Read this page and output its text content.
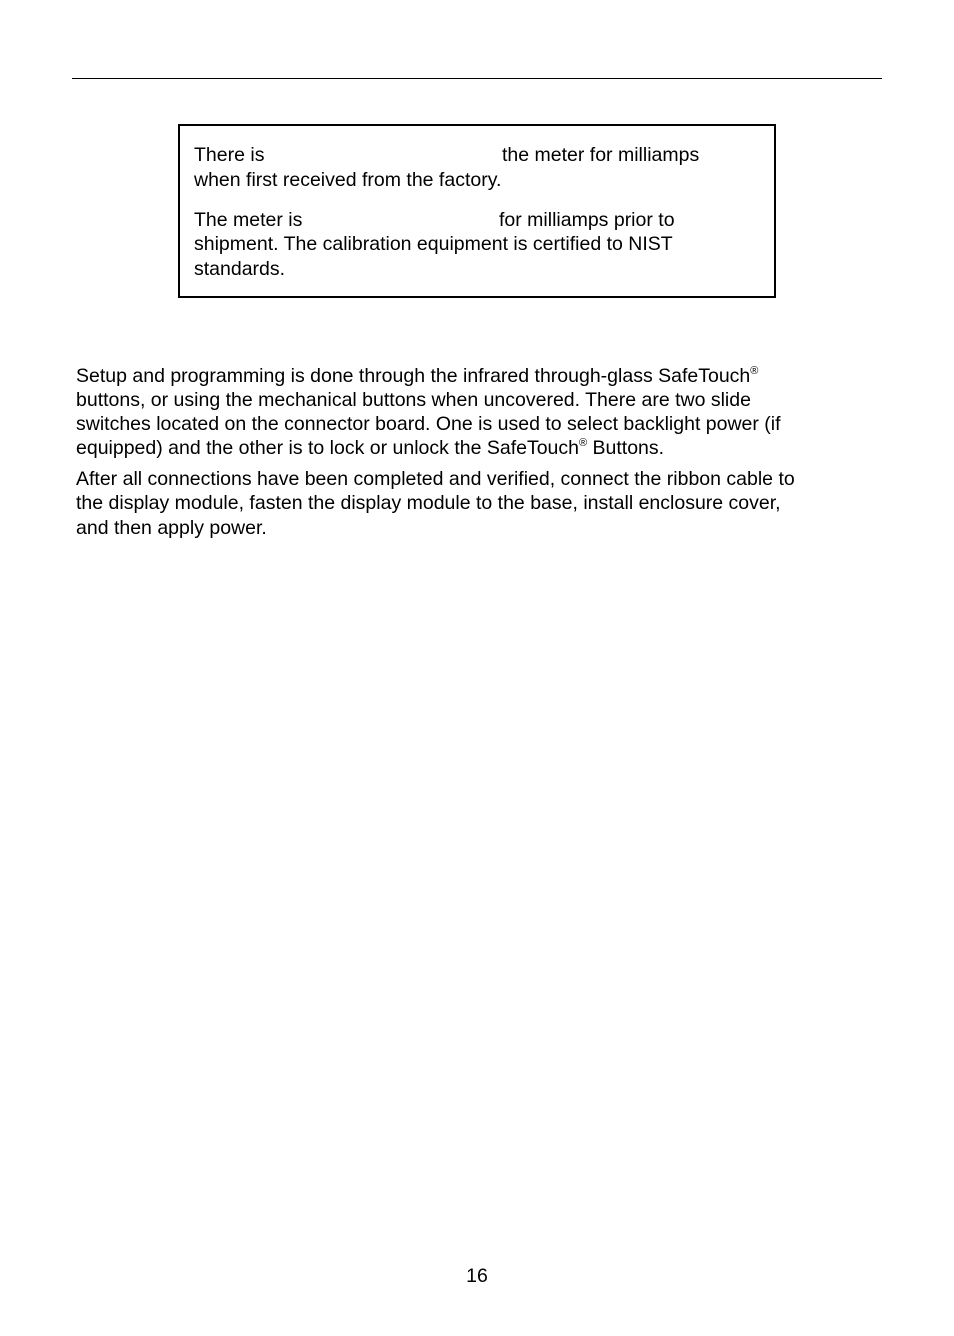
There is	the meter for milliamps
when first received from the factory.
The meter is	for milliamps prior to
shipment. The calibration equipment is certified to NIST
standards.
Setup and programming is done through the infrared through-glass SafeTouch®
buttons, or using the mechanical buttons when uncovered. There are two slide
switches located on the connector board. One is used to select backlight power (if
equipped) and the other is to lock or unlock the SafeTouch® Buttons.
After all connections have been completed and verified, connect the ribbon cable to
the display module, fasten the display module to the base, install enclosure cover,
and then apply power.
16
